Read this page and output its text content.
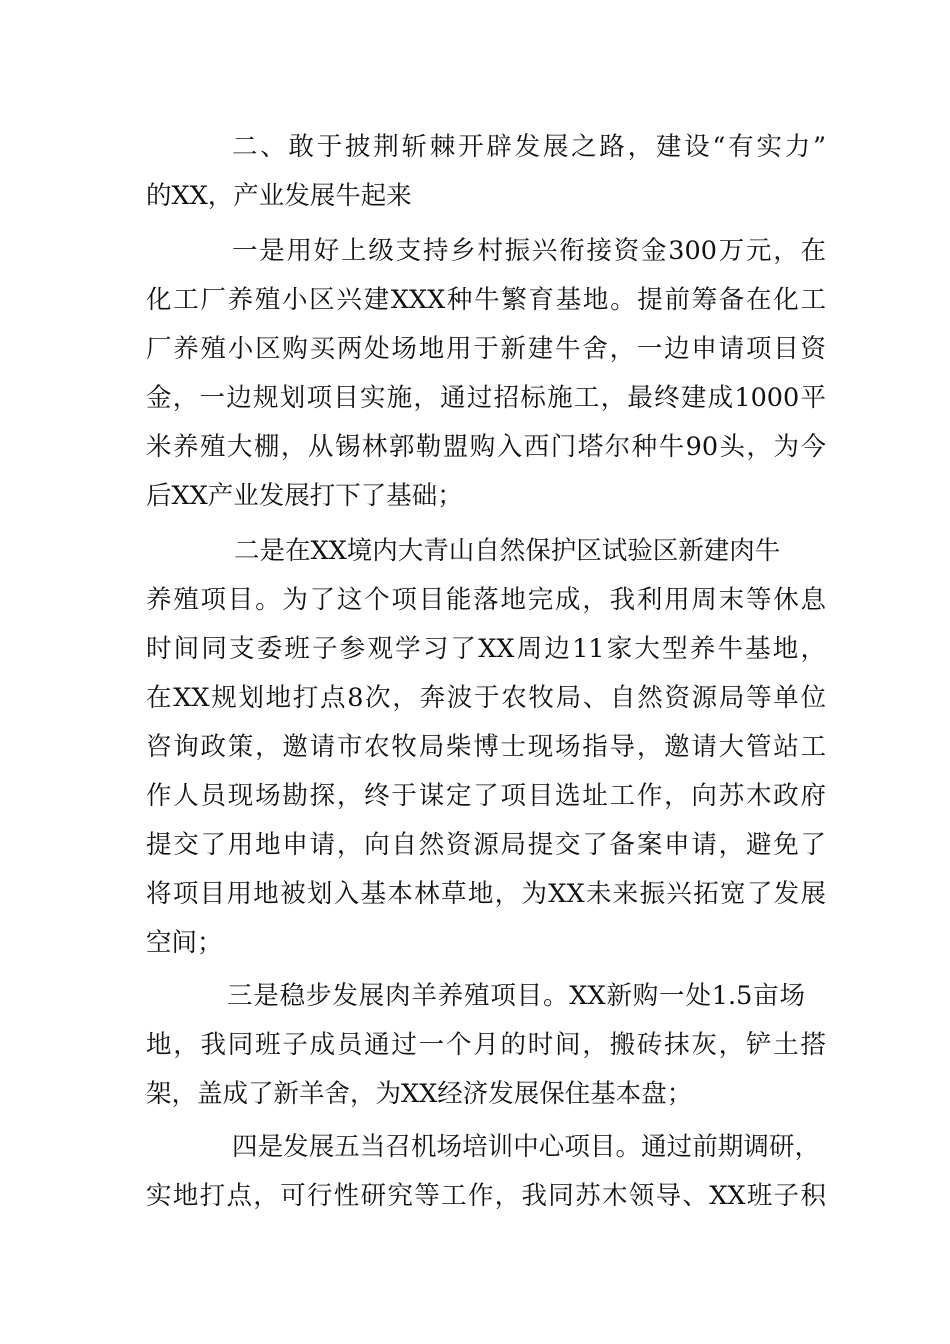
二、敢于披荆斩棘开辟发展之路，建设“有实力”
的XX，产业发展牛起来
一是用好上级支持乡村振兴衔接资金300万元，在
化工厂养殖小区兴建XXX种牛繁育基地。提前筹备在化工
厂养殖小区购买两处场地用于新建牛舍，一边申请项目资
金，一边规划项目实施，通过招标施工，最终建成1000平
米养殖大棚，从锡林郭勒盟购入西门塔尔种牛90头，为今
后XX产业发展打下了基础；
二是在XX境内大青山自然保护区试验区新建肉牛
养殖项目。为了这个项目能落地完成，我利用周末等休息
时间同支委班子参观学习了XX周边11家大型养牛基地，
在XX规划地打点8次，奔波于农牧局、自然资源局等单位
咨询政策，邀请市农牧局柴博士现场指导，邀请大管站工
作人员现场勘探，终于谋定了项目选址工作，向苏木政府
提交了用地申请，向自然资源局提交了备案申请，避免了
将项目用地被划入基本林草地，为XX未来振兴拓宽了发展
空间；
三是稳步发展肉羊养殖项目。XX新购一处1.5亩场
地，我同班子成员通过一个月的时间，搬砖抹灰，铲土搭
架，盖成了新羊舍，为XX经济发展保住基本盘；
四是发展五当召机场培训中心项目。通过前期调研，
实地打点，可行性研究等工作，我同苏木领导、XX班子积
